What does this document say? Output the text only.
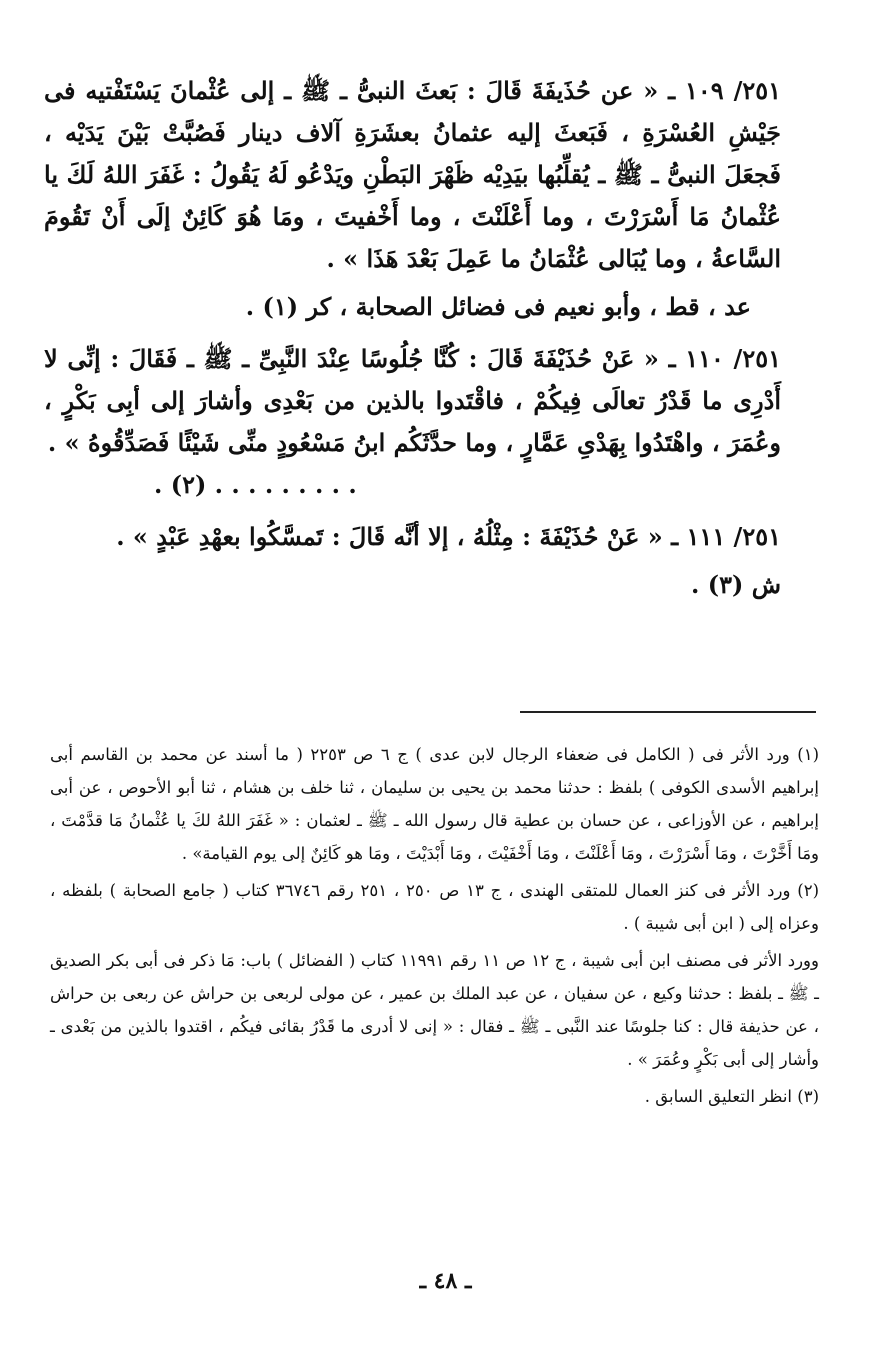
٢٥١/ ١٠٩ ـ « عن حُذَيفَةَ قَالَ : بَعثَ النبىُّ ـ ﷺ ـ إلى عُثْمانَ يَسْتَفْتيه فى جَيْشِ العُسْرَةِ ، فَبَعثَ إليه عثمانُ بعشَرَةِ آلاف دينار فَصُبَّتْ بَيْنَ يَدَيْه ، فَجعَلَ النبىُّ ـ ﷺ ـ يُقلِّبُها بيَدِيْه ظَهْرَ البَطْنِ ويَدْعُو لَهُ يَقُولُ : غَفَرَ اللهُ لَكَ يا عُثْمانُ مَا أَسْرَرْتَ ، وما أَعْلَنْتَ ، وما أَخْفيتَ ، ومَا هُوَ كَائِنٌ إلَى أَنْ تَقُومَ السَّاعةُ ، وما يُبَالى عُثْمَانُ ما عَمِلَ بَعْدَ هَذَا » .

عد ، قط ، وأبو نعيم فى فضائل الصحابة ، كر (١) .

٢٥١/ ١١٠ ـ « عَنْ حُذَيْفَةَ قَالَ : كُنَّا جُلُوسًا عِنْدَ النَّبِىِّ ـ ﷺ ـ فَقَالَ : إنِّى لا أَدْرِى ما قَدْرُ تعالَى فِيكُمْ ، فاقْتَدوا بالذين من بَعْدِى وأشارَ إلى أبِى بَكْرٍ ، وعُمَرَ ، واهْتَدُوا بِهَدْىِ عَمَّارٍ ، وما حدَّثَكُم ابنُ مَسْعُودٍ منِّى شَيْئًا فَصَدِّقُوهُ » .

. . . . . . . . . (٢) .

٢٥١/ ١١١ ـ « عَنْ حُذَيْفَةَ : مِثْلُهُ ، إلا أنَّه قَالَ : تَمسَّكُوا بعهْدِ عَبْدٍ » .

ش (٣) .

(١) ورد الأثر فى ( الكامل فى ضعفاء الرجال لابن عدى ) ج ٦ ص ٢٢٥٣ ( ما أسند عن محمد بن القاسم أبى إبراهيم الأسدى الكوفى ) بلفظ : حدثنا محمد بن يحيى بن سليمان ، ثنا خلف بن هشام ، ثنا أبو الأحوص ، عن أبى إبراهيم ، عن الأوزاعى ، عن حسان بن عطية قال رسول الله ـ ﷺ ـ لعثمان : « غَفَرَ اللهُ لكَ يا عُثْمانُ مَا قدَّمْتَ ، ومَا أَخَّرْتَ ، ومَا أَسْرَرْتَ ، ومَا أَعْلَنْتَ ، ومَا أَخْفَيْتَ ، ومَا أَبْدَيْتَ ، ومَا هو كَائِنٌ إلى يوم القيامة» .

(٢) ورد الأثر فى كنز العمال للمتقى الهندى ، ج ١٣ ص ٢٥٠ ، ٢٥١ رقم ٣٦٧٤٦ كتاب ( جامع الصحابة ) بلفظه ، وعزاه إلى ( ابن أبى شيبة ) .

وورد الأثر فى مصنف ابن أبى شيبة ، ج ١٢ ص ١١ رقم ١١٩٩١ كتاب ( الفضائل ) باب: مَا ذكر فى أبى بكر الصديق ـ ﷺ ـ بلفظ : حدثنا وكيع ، عن سفيان ، عن عبد الملك بن عمير ، عن مولى لربعى بن حراش عن ربعى بن حراش ، عن حذيفة قال : كنا جلوسًا عند النَّبى ـ ﷺ ـ فقال : « إنى لا أدرى ما قَدْرُ بقائى فيكُم ، اقتدوا بالذين من بَعْدى ـ وأشار إلى أبى بَكْرٍ وعُمَرَ » .

(٣) انظر التعليق السابق .

ـ ٤٨ ـ
